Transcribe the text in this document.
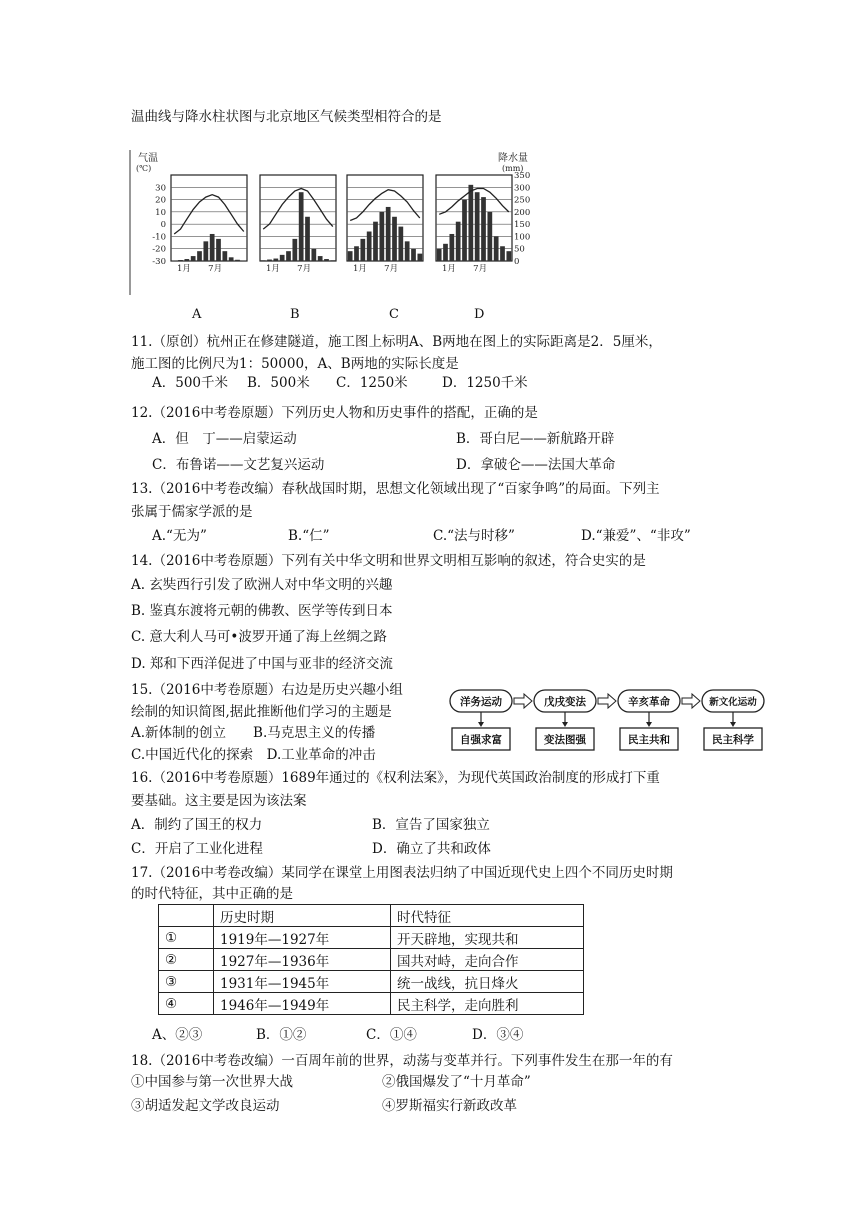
温曲线与降水柱状图与北京地区气候类型相符合的是
气温
(℃)
降水量
(mm)
30
20
10
0
-10
-20
-30
350
300
250
200
150
100
50
0
1月 7月	1月 7月	1月 7月	1月 7月
A	B	C	D
11.（原创）杭州正在修建隧道，施工图上标明A、B两地在图上的实际距离是2．5厘米，
施工图的比例尺为1：50000，A、B两地的实际长度是
A．500千米 B．500米 C．1250米	D．1250千米
12.（2016中考卷原题）下列历史人物和历史事件的搭配，正确的是
A．但　丁——启蒙运动	B．哥白尼——新航路开辟
C．布鲁诺——文艺复兴运动	D．拿破仑——法国大革命
13.（2016中考卷改编）春秋战国时期，思想文化领域出现了“百家争鸣”的局面。下列主
张属于儒家学派的是
A.“无为”	B.“仁”	C.“法与时移”	D.“兼爱”、“非攻”
14.（2016中考卷原题）下列有关中华文明和世界文明相互影响的叙述，符合史实的是
A. 玄奘西行引发了欧洲人对中华文明的兴趣
B. 鉴真东渡将元朝的佛教、医学等传到日本
C. 意大利人马可•波罗开通了海上丝绸之路
D. 郑和下西洋促进了中国与亚非的经济交流
15.（2016中考卷原题）右边是历史兴趣小组
绘制的知识简图,据此推断他们学习的主题是
A.新体制的创立　　B.马克思主义的传播
C.中国近代化的探索　D.工业革命的冲击
洋务运动
自强求富
戊戌变法
变法图强
辛亥革命
民主共和
新文化运动
民主科学
16.（2016中考卷原题）1689年通过的《权利法案》，为现代英国政治制度的形成打下重
要基础。这主要是因为该法案
A．制约了国王的权力	B．宣告了国家独立
C．开启了工业化进程	D．确立了共和政体
17.（2016中考卷改编）某同学在课堂上用图表法归纳了中国近现代史上四个不同历史时期
的时代特征，其中正确的是
	历史时期	时代特征
①	1919年—1927年	开天辟地，实现共和
②	1927年—1936年	国共对峙，走向合作
③	1931年—1945年	统一战线，抗日烽火
④	1946年—1949年	民主科学，走向胜利
A、②③	B．①②	C．①④	D．③④
18.（2016中考卷改编）一百周年前的世界，动荡与变革并行。下列事件发生在那一年的有
①中国参与第一次世界大战	②俄国爆发了“十月革命”
③胡适发起文学改良运动	④罗斯福实行新政改革
